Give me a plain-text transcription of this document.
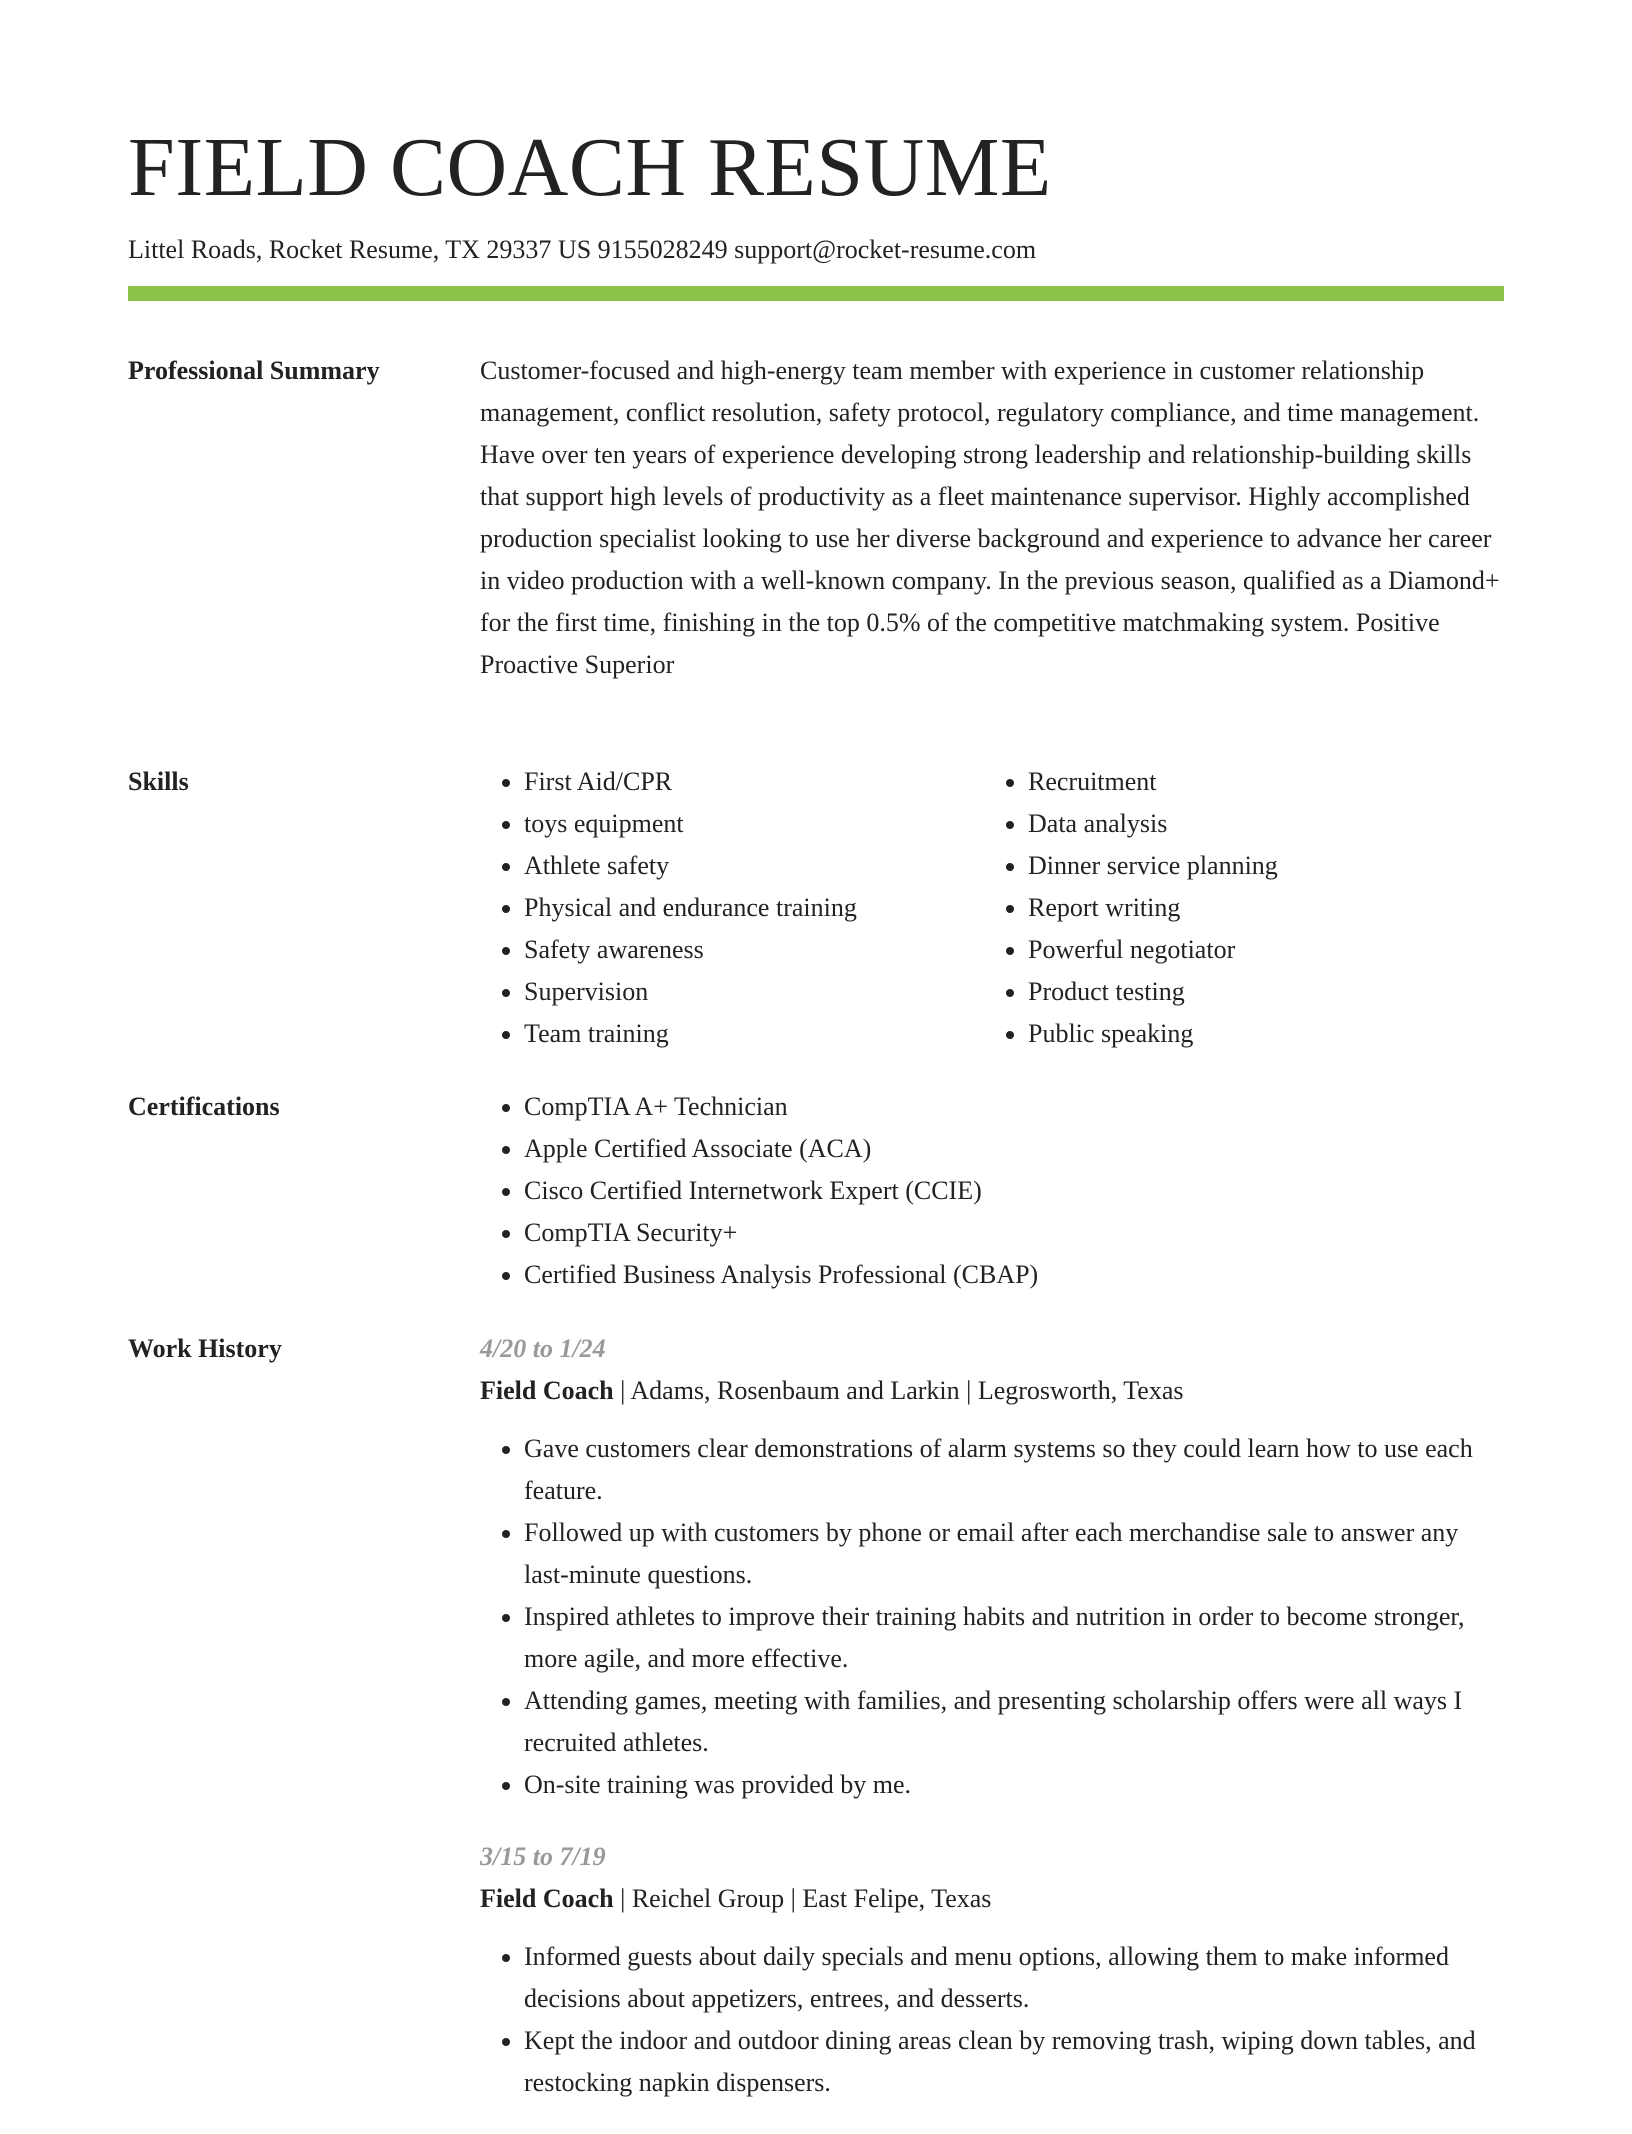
FIELD COACH RESUME
Littel Roads, Rocket Resume, TX 29337 US 9155028249 support@rocket-resume.com
Professional Summary	Customer-focused and high-energy team member with experience in customer relationship management, conflict resolution, safety protocol, regulatory compliance, and time management. Have over ten years of experience developing strong leadership and relationship-building skills that support high levels of productivity as a fleet maintenance supervisor. Highly accomplished production specialist looking to use her diverse background and experience to advance her career in video production with a well-known company. In the previous season, qualified as a Diamond+ for the first time, finishing in the top 0.5% of the competitive matchmaking system. Positive Proactive Superior

Skills	• First Aid/CPR
• toys equipment
• Athlete safety
• Physical and endurance training
• Safety awareness
• Supervision
• Team training
• Recruitment
• Data analysis
• Dinner service planning
• Report writing
• Powerful negotiator
• Product testing
• Public speaking
Certifications	• CompTIA A+ Technician
• Apple Certified Associate (ACA)
• Cisco Certified Internetwork Expert (CCIE)
• CompTIA Security+
• Certified Business Analysis Professional (CBAP)
Work History	4/20 to 1/24
Field Coach | Adams, Rosenbaum and Larkin | Legrosworth, Texas
• Gave customers clear demonstrations of alarm systems so they could learn how to use each feature.
• Followed up with customers by phone or email after each merchandise sale to answer any last-minute questions.
• Inspired athletes to improve their training habits and nutrition in order to become stronger, more agile, and more effective.
• Attending games, meeting with families, and presenting scholarship offers were all ways I recruited athletes.
• On-site training was provided by me.
3/15 to 7/19
Field Coach | Reichel Group | East Felipe, Texas
• Informed guests about daily specials and menu options, allowing them to make informed decisions about appetizers, entrees, and desserts.
• Kept the indoor and outdoor dining areas clean by removing trash, wiping down tables, and restocking napkin dispensers.
